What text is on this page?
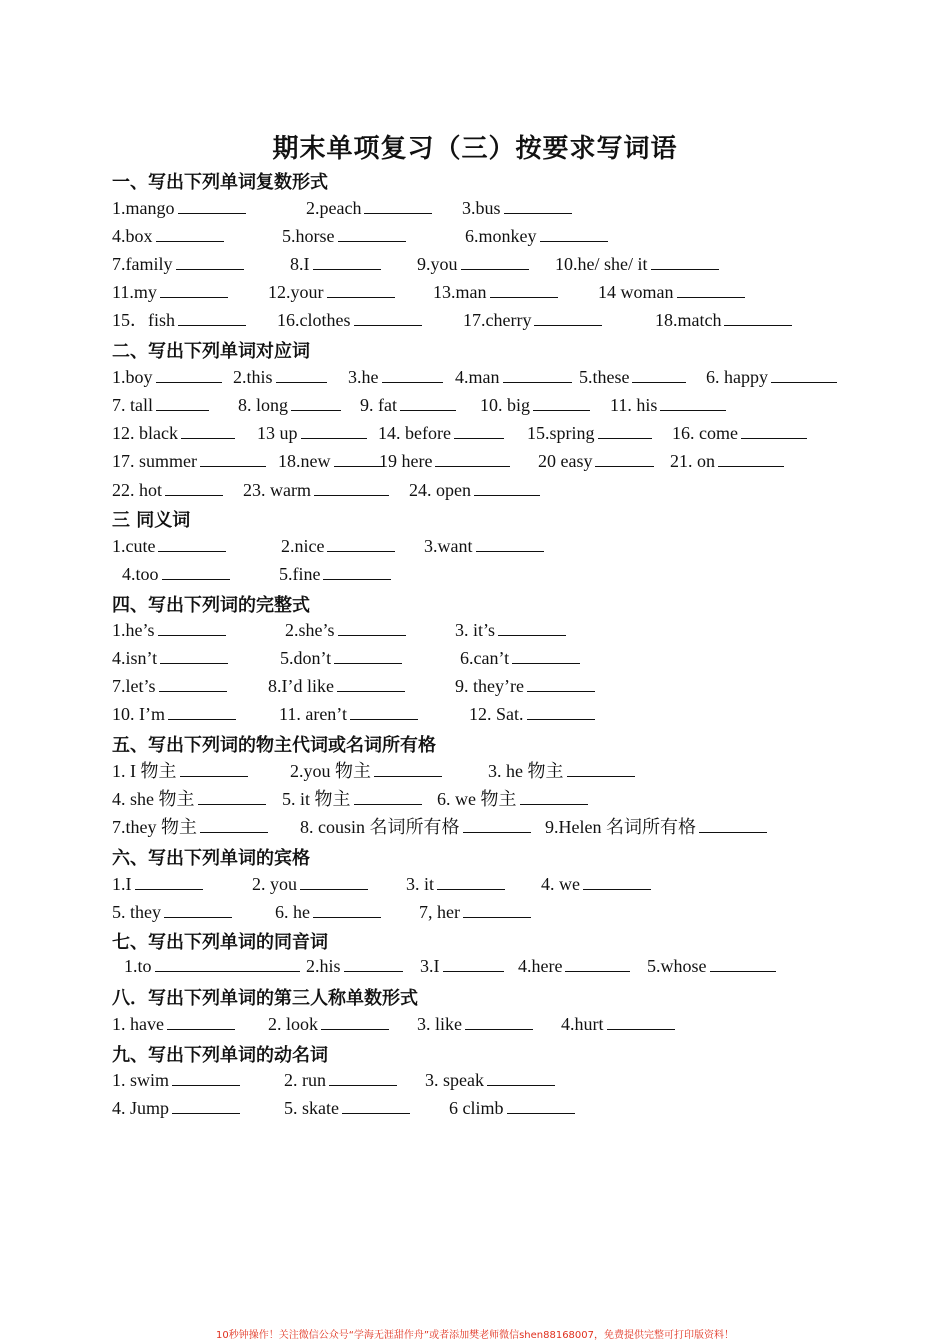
期末单项复习（三）按要求写词语
一、写出下列单词复数形式
1.mango	2.peach	3.bus
4.box	5.horse	6.monkey
7.family	8.I	9.you	10.he/ she/ it
11.my	12.your	13.man	14 woman
15．fish	16.clothes	17.cherry	18.match
二、写出下列单词对应词
1.boy	2.this	3.he	4.man	5.these	6. happy
7. tall	8. long	9. fat	10. big	11. his
12. black	13 up	14. before	15.spring	16. come
17. summer	18.new	19 here	20 easy	21. on
22. hot	23. warm	24. open
三 同义词
1.cute	2.nice	3.want
4.too	5.fine
四、写出下列词的完整式
1.he’s	2.she’s	3. it’s
4.isn’t	5.don’t	6.can’t
7.let’s	8.I’d like	9. they’re
10. I’m	11. aren’t	12. Sat.
五、写出下列词的物主代词或名词所有格
1. I 物主	2.you 物主	3. he 物主
4. she 物主	5. it 物主	6. we 物主
7.they 物主	8. cousin 名词所有格	9.Helen 名词所有格
六、写出下列单词的宾格
1.I	2. you	3. it	4. we
5. they	6. he	7, her
七、写出下列单词的同音词
1.to	2.his	3.I	4.here	5.whose
八．写出下列单词的第三人称单数形式
1. have	2. look	3. like	4.hurt
九、写出下列单词的动名词
1. swim	2. run	3. speak
4. Jump	5. skate	6 climb
10秒钟操作！关注微信公众号“学海无涯甜作舟”或者添加樊老师微信shen88168007，免费提供完整可打印版资料！
